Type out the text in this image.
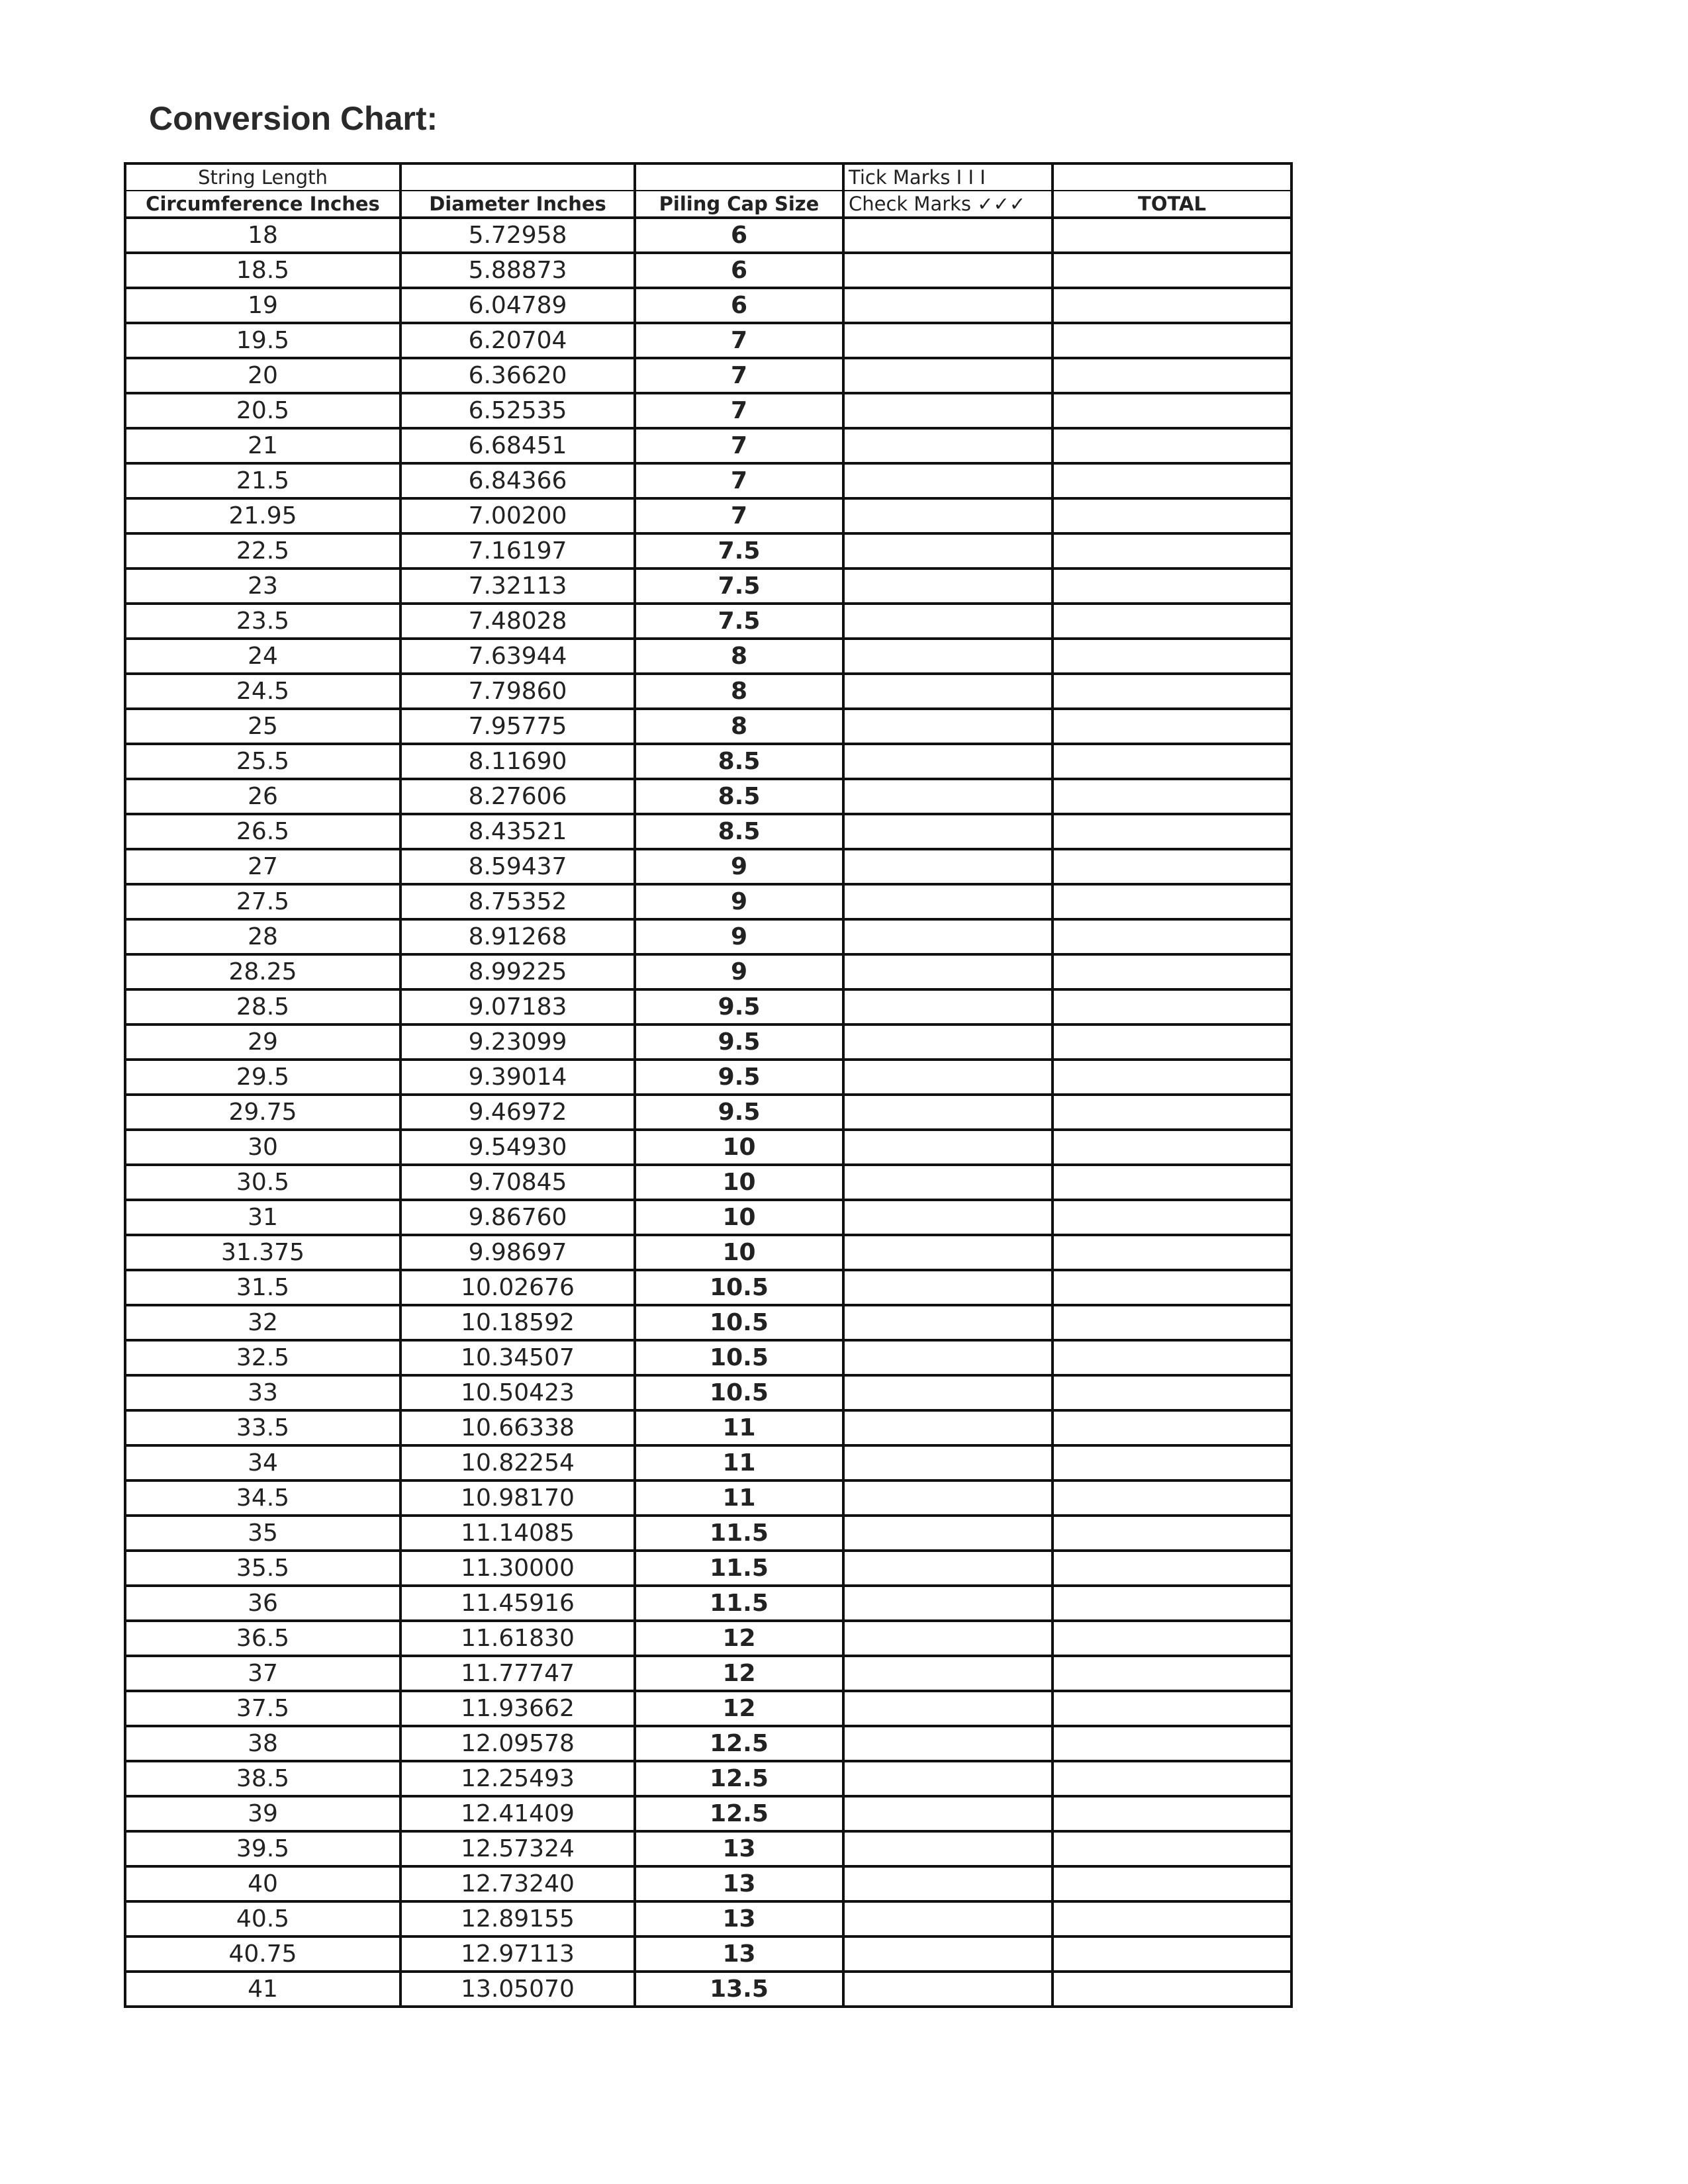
Conversion Chart:
String Length			Tick Marks I I I	
Circumference Inches	Diameter Inches	Piling Cap Size	Check Marks ✓✓✓	TOTAL
18	5.72958	6		
18.5	5.88873	6		
19	6.04789	6		
19.5	6.20704	7		
20	6.36620	7		
20.5	6.52535	7		
21	6.68451	7		
21.5	6.84366	7		
21.95	7.00200	7		
22.5	7.16197	7.5		
23	7.32113	7.5		
23.5	7.48028	7.5		
24	7.63944	8		
24.5	7.79860	8		
25	7.95775	8		
25.5	8.11690	8.5		
26	8.27606	8.5		
26.5	8.43521	8.5		
27	8.59437	9		
27.5	8.75352	9		
28	8.91268	9		
28.25	8.99225	9		
28.5	9.07183	9.5		
29	9.23099	9.5		
29.5	9.39014	9.5		
29.75	9.46972	9.5		
30	9.54930	10		
30.5	9.70845	10		
31	9.86760	10		
31.375	9.98697	10		
31.5	10.02676	10.5		
32	10.18592	10.5		
32.5	10.34507	10.5		
33	10.50423	10.5		
33.5	10.66338	11		
34	10.82254	11		
34.5	10.98170	11		
35	11.14085	11.5		
35.5	11.30000	11.5		
36	11.45916	11.5		
36.5	11.61830	12		
37	11.77747	12		
37.5	11.93662	12		
38	12.09578	12.5		
38.5	12.25493	12.5		
39	12.41409	12.5		
39.5	12.57324	13		
40	12.73240	13		
40.5	12.89155	13		
40.75	12.97113	13		
41	13.05070	13.5		
